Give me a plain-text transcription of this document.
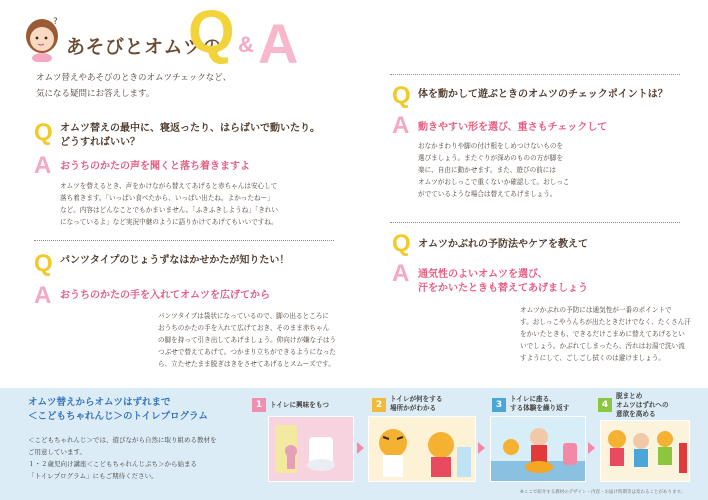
?
あそびとオムツの
Q & A
オムツ替えやあそびのときのオムツチェックなど、
気になる疑問にお答えします。
Q オムツ替えの最中に、寝返ったり、はらばいで動いたり。
どうすればいい？
A おうちのかたの声を聞くと落ち着きますよ
オムツを替えるとき、声をかけながら替えてあげると赤ちゃんは安心して
落ち着きます。「いっぱい食べたから、いっぱい出たね。よかったねー」
など。内容はどんなことでもかまいません。「ふきふきしようね」「きれい
になっているよ」など実況中継のように語りかけてあげてもいいですね。
Q パンツタイプのじょうずなはかせかたが知りたい！
A おうちのかたの手を入れてオムツを広げてから
パンツタイプは袋状になっているので、脚の出るところに
おうちのかたの手を入れて広げておき、そのまま赤ちゃん
の脚を持って引き出してあげましょう。仰向けが嫌な子はう
つぶせで替えてあげて。つかまり立ちができるようになった
ら、立たせたまま脱ぎはきをさせてあげるとスムーズです。
Q 体を動かして遊ぶときのオムツのチェックポイントは？
A 動きやすい形を選び、重さもチェックして
おなかまわりや脚の付け根をしめつけないものを
選びましょう。またぐりが深めのものの方が脚を
楽に、自由に動かせます。また、遊びの前には
オムツがおしっこで重くないか確認して。おしっこ
がでているような場合は替えてあげましょう。
Q オムツかぶれの予防法やケアを教えて
A 通気性のよいオムツを選び、
汗をかいたときも替えてあげましょう
オムツかぶれの予防には通気性が一番のポイントで
す。おしっこやうんちが出たときだけでなく、たくさん汗
をかいたときも、できるだけこまめに替えてあげるとい
いでしょう。かぶれてしまったら、汚れはお湯で洗い流
すようにして、ごしごし拭くのは避けましょう。
オムツ替えからオムツはずれまで
＜こどもちゃれんじ＞のトイレプログラム
＜こどもちゃれんじ＞では、遊びながら自然に取り組める教材を
ご用意しています。
１・２歳児向け講座＜こどもちゃれんじぷち＞から始まる
「トイレプログラム」にもご期待ください。
1	トイレに興味をもつ	2
トイレが何をする
場所かがわかる	3
トイレに座る、
する体験を繰り返す	4
脱まとめ
オムツはずれへの
意欲を高める
※ここで紹介する教材のデザイン・内容・お届け時期等は変わることがあります。
